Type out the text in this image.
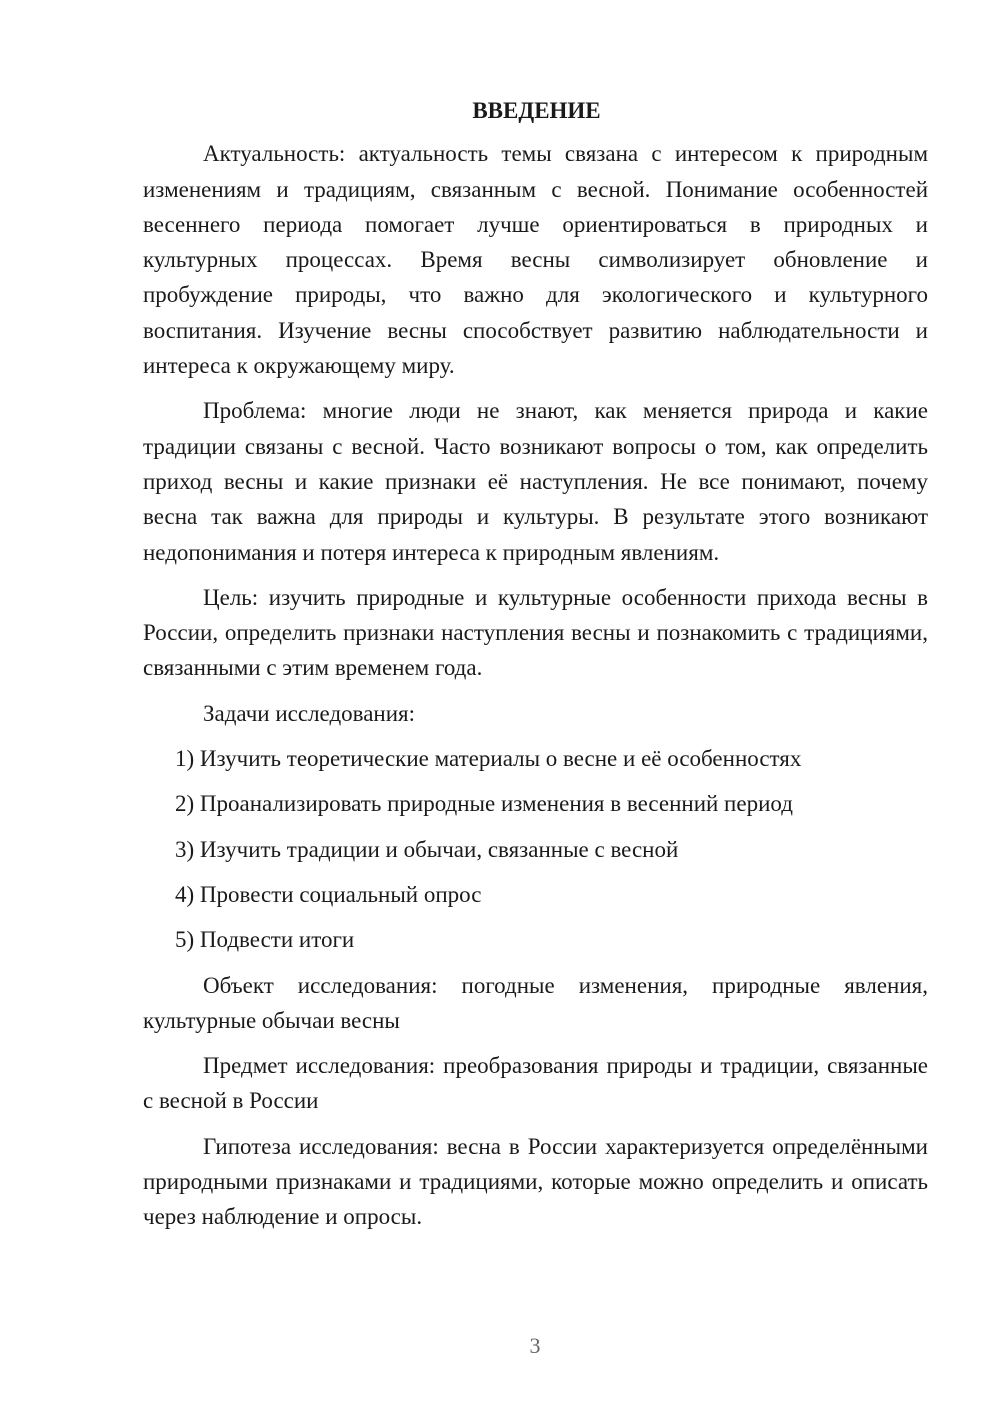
ВВЕДЕНИЕ

Актуальность: актуальность темы связана с интересом к природным изменениям и традициям, связанным с весной. Понимание особенностей весеннего периода помогает лучше ориентироваться в природных и культурных процессах. Время весны символизирует обновление и пробуждение природы, что важно для экологического и культурного воспитания. Изучение весны способствует развитию наблюдательности и интереса к окружающему миру.

Проблема: многие люди не знают, как меняется природа и какие традиции связаны с весной. Часто возникают вопросы о том, как определить приход весны и какие признаки её наступления. Не все понимают, почему весна так важна для природы и культуры. В результате этого возникают недопонимания и потеря интереса к природным явлениям.

Цель: изучить природные и культурные особенности прихода весны в России, определить признаки наступления весны и познакомить с традициями, связанными с этим временем года.

Задачи исследования:

1) Изучить теоретические материалы о весне и её особенностях
2) Проанализировать природные изменения в весенний период
3) Изучить традиции и обычаи, связанные с весной
4) Провести социальный опрос
5) Подвести итоги

Объект исследования: погодные изменения, природные явления, культурные обычаи весны

Предмет исследования: преобразования природы и традиции, связанные с весной в России

Гипотеза исследования: весна в России характеризуется определёнными природными признаками и традициями, которые можно определить и описать через наблюдение и опросы.

3
